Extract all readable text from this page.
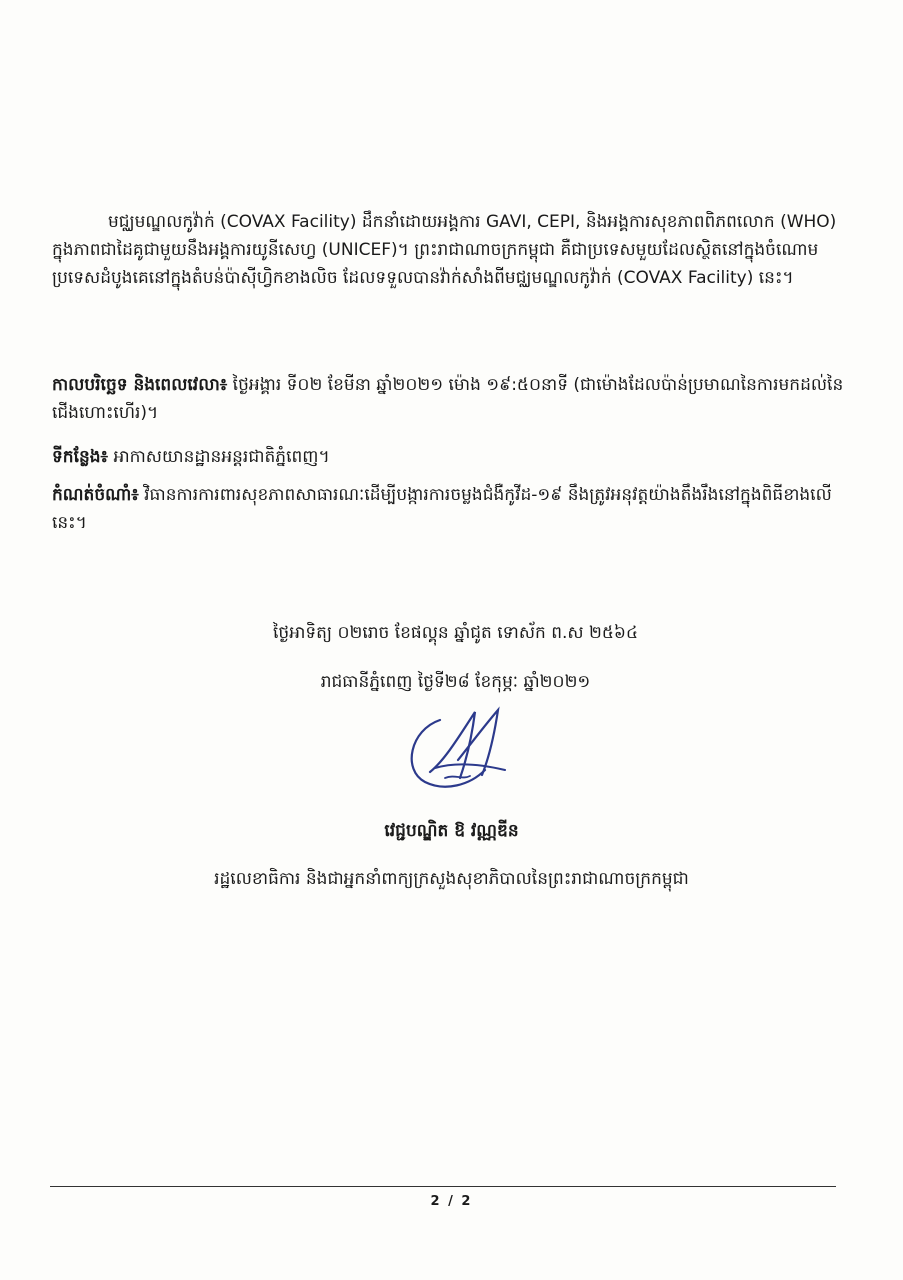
មជ្ឈមណ្ឌលកូវ៉ាក់ (COVAX Facility) ដឹកនាំដោយអង្គការ GAVI, CEPI, និងអង្គការសុខភាពពិភពលោក (WHO) ក្នុងភាពជាដៃគូជាមួយនឹងអង្គការយូនីសេហ្វ (UNICEF)។ ព្រះរាជាណាចក្រកម្ពុជា គឺជាប្រទេសមួយដែលស្ថិតនៅក្នុងចំណោមប្រទេសដំបូងគេនៅក្នុងតំបន់ប៉ាស៊ីហ្វិកខាងលិច ដែលទទួលបានវ៉ាក់សាំងពីមជ្ឈមណ្ឌលកូវ៉ាក់ (COVAX Facility) នេះ។
កាលបរិច្ឆេទ និងពេលវេលា៖ ថ្ងៃអង្គារ ទី០២ ខែមីនា ឆ្នាំ២០២១ ម៉ោង ១៩:៥០នាទី (ជាម៉ោងដែលប៉ាន់ប្រមាណនៃការមកដល់នៃជើងហោះហើរ)។
ទីកន្លែង៖ អាកាសយានដ្ឋានអន្តរជាតិភ្នំពេញ។
កំណត់ចំណាំ៖ វិធានការការពារសុខភាពសាធារណៈដើម្បីបង្ការការចម្លងជំងឺកូវីដ-១៩ នឹងត្រូវអនុវត្តយ៉ាងតឹងរឹងនៅក្នុងពិធីខាងលើនេះ។
ថ្ងៃអាទិត្យ ០២រោច ខែផល្គុន ឆ្នាំជូត ទោស័ក ព.ស ២៥៦៤
រាជធានីភ្នំពេញ ថ្ងៃទី២៨ ខែកុម្ភៈ ឆ្នាំ២០២១
វេជ្ជបណ្ឌិត ឱ វណ្ណឌីន
រដ្ឋលេខាធិការ និងជាអ្នកនាំពាក្យក្រសួងសុខាភិបាលនៃព្រះរាជាណាចក្រកម្ពុជា
2 / 2
